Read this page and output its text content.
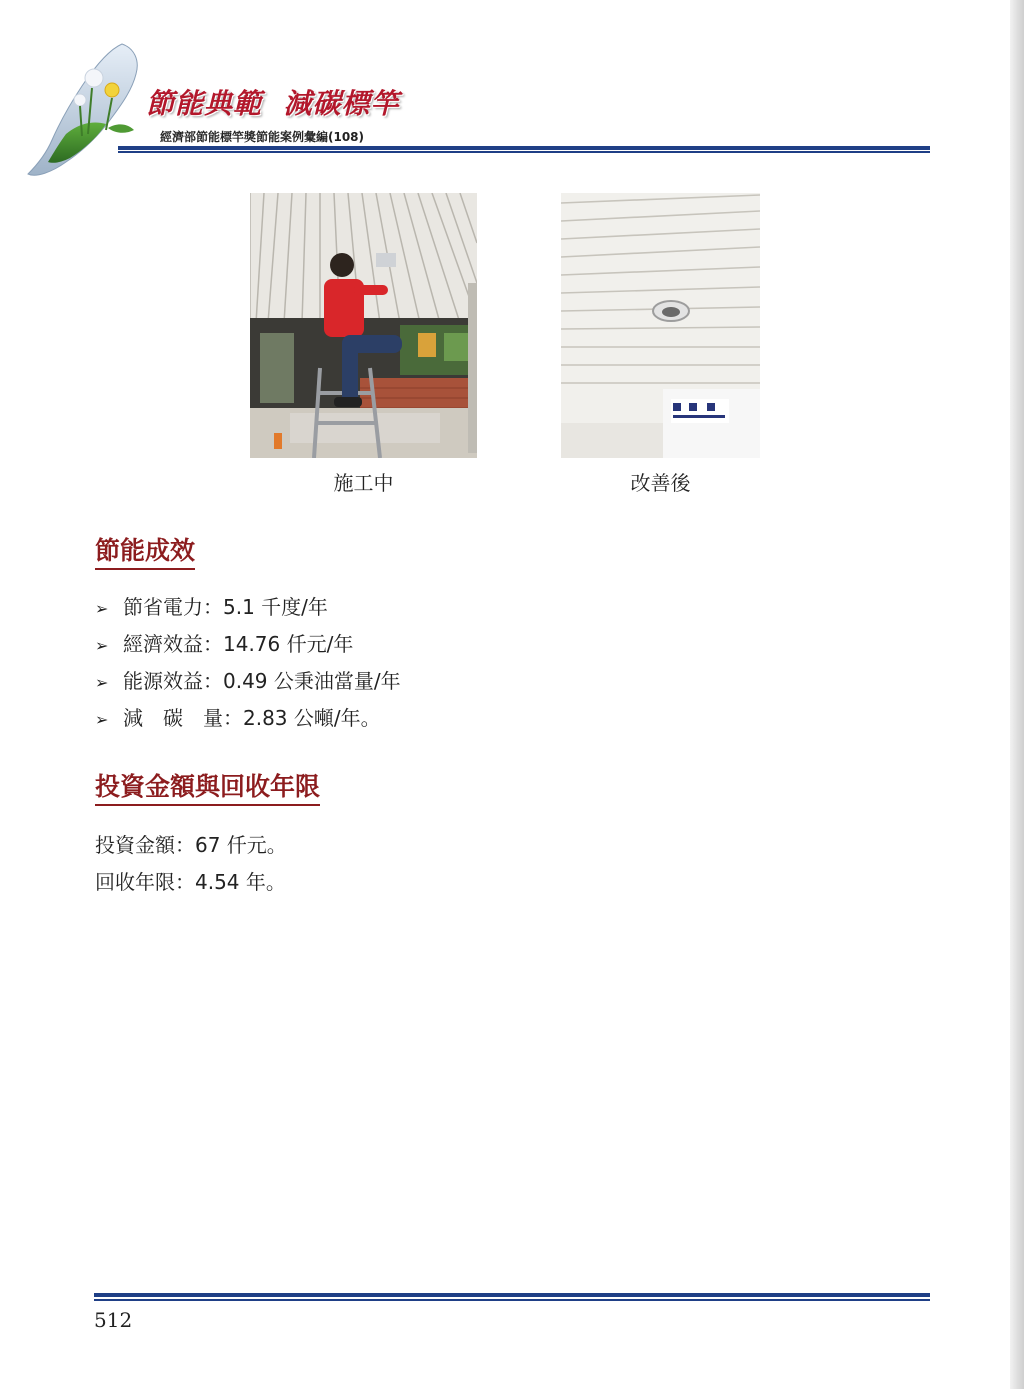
節能典範  減碳標竿
經濟部節能標竿獎節能案例彙編(108)
施工中	改善後
節能成效
➢ 節省電力：5.1 千度/年
➢ 經濟效益：14.76 仟元/年
➢ 能源效益：0.49 公秉油當量/年
➢ 減　碳　量：2.83 公噸/年。
投資金額與回收年限
投資金額：67 仟元。
回收年限：4.54 年。
512
